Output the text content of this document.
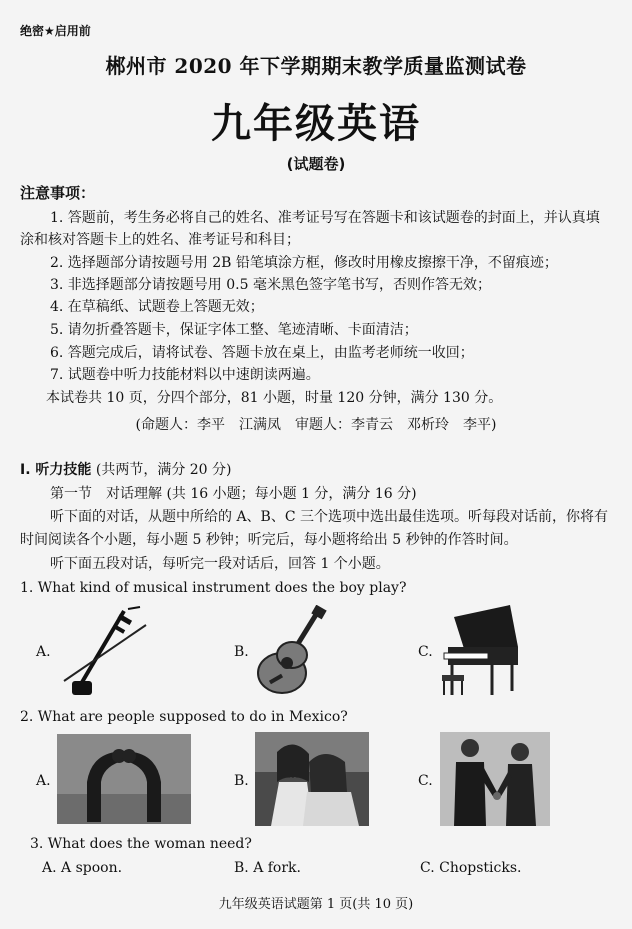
绝密★启用前
郴州市 2020 年下学期期末教学质量监测试卷
九年级英语
(试题卷)
注意事项：
1. 答题前，考生务必将自己的姓名、准考证号写在答题卡和该试题卷的封面上，并认真填涂和核对答题卡上的姓名、准考证号和科目；
2. 选择题部分请按题号用 2B 铅笔填涂方框，修改时用橡皮擦擦干净，不留痕迹；
3. 非选择题部分请按题号用 0.5 毫米黑色签字笔书写，否则作答无效；
4. 在草稿纸、试题卷上答题无效；
5. 请勿折叠答题卡，保证字体工整、笔迹清晰、卡面清洁；
6. 答题完成后，请将试卷、答题卡放在桌上，由监考老师统一收回；
7. 试题卷中听力技能材料以中速朗读两遍。
本试卷共 10 页，分四个部分，81 小题，时量 120 分钟，满分 130 分。
(命题人：李平　江满凤　审题人：李青云　邓析玲　李平)
Ⅰ. 听力技能 (共两节，满分 20 分)
第一节　对话理解 (共 16 小题；每小题 1 分，满分 16 分)
听下面的对话，从题中所给的 A、B、C 三个选项中选出最佳选项。听每段对话前，你将有时间阅读各个小题，每小题 5 秒钟；听完后，每小题将给出 5 秒钟的作答时间。
听下面五段对话，每听完一段对话后，回答 1 个小题。
1. What kind of musical instrument does the boy play?
A.	B.	C.
2. What are people supposed to do in Mexico?
A.	B.	C.
3. What does the woman need?
A. A spoon.	B. A fork.	C. Chopsticks.
九年级英语试题第 1 页(共 10 页)
